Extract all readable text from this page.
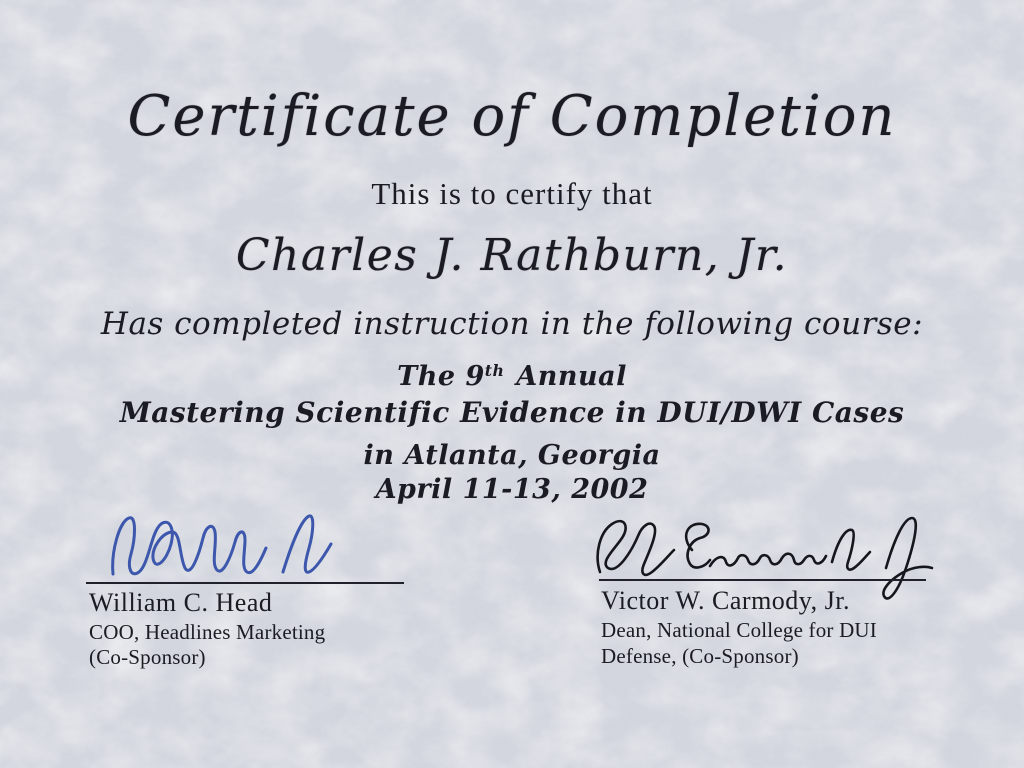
Certificate of Completion
This is to certify that
Charles J. Rathburn, Jr.
Has completed instruction in the following course:
The 9th Annual
Mastering Scientific Evidence in DUI/DWI Cases
in Atlanta, Georgia
April 11-13, 2002
William C. Head
COO, Headlines Marketing
(Co-Sponsor)
Victor W. Carmody, Jr.
Dean, National College for DUI
Defense, (Co-Sponsor)
